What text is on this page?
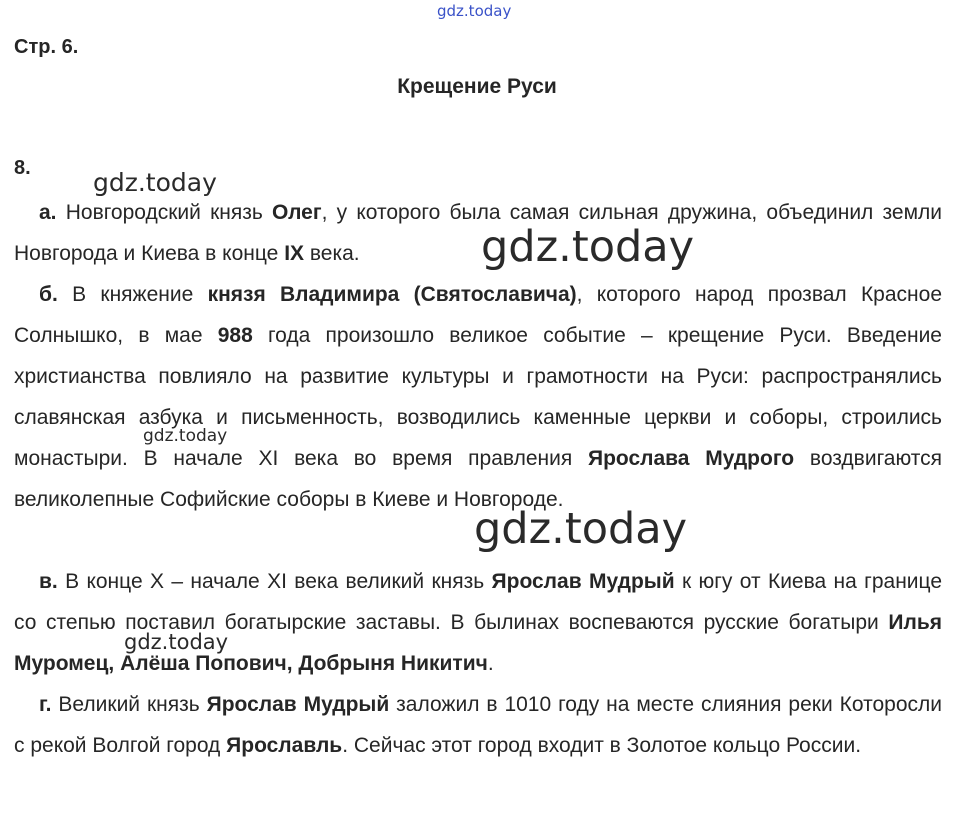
gdz.today
gdz.today
gdz.today
gdz.today
gdz.today
gdz.today
Стр. 6.
Крещение Руси
8.
а. Новгородский князь Олег, у которого была самая сильная дружина, объединил земли Новгорода и Киева в конце IX века.
б. В княжение князя Владимира (Святославича), которого народ прозвал Красное Солнышко, в мае 988 года произошло великое событие – крещение Руси. Введение христианства повлияло на развитие культуры и грамотности на Руси: распространялись славянская азбука и письменность, возводились каменные церкви и соборы, строились монастыри. В начале XI века во время правления Ярослава Мудрого воздвигаются великолепные Софийские соборы в Киеве и Новгороде.
в. В конце X – начале XI века великий князь Ярослав Мудрый к югу от Киева на границе со степью поставил богатырские заставы. В былинах воспеваются русские богатыри Илья Муромец, Алёша Попович, Добрыня Никитич.
г. Великий князь Ярослав Мудрый заложил в 1010 году на месте слияния реки Которосли с рекой Волгой город Ярославль. Сейчас этот город входит в Золотое кольцо России.
